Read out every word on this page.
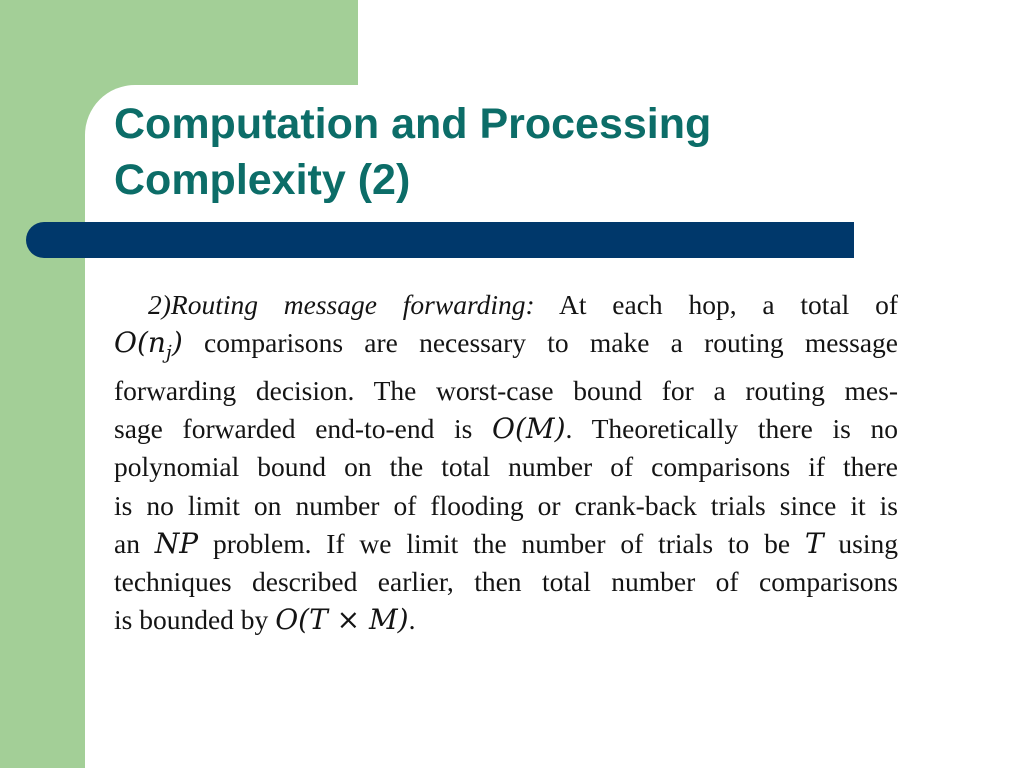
Computation and Processing
Complexity (2)
2)Routing message forwarding: At each hop, a total of
$O(n_j)$ comparisons are necessary to make a routing message
forwarding decision. The worst-case bound for a routing mes-
sage forwarded end-to-end is O(M). Theoretically there is no
polynomial bound on the total number of comparisons if there
is no limit on number of flooding or crank-back trials since it is
an NP problem. If we limit the number of trials to be T using
techniques described earlier, then total number of comparisons
is bounded by O(T × M).
